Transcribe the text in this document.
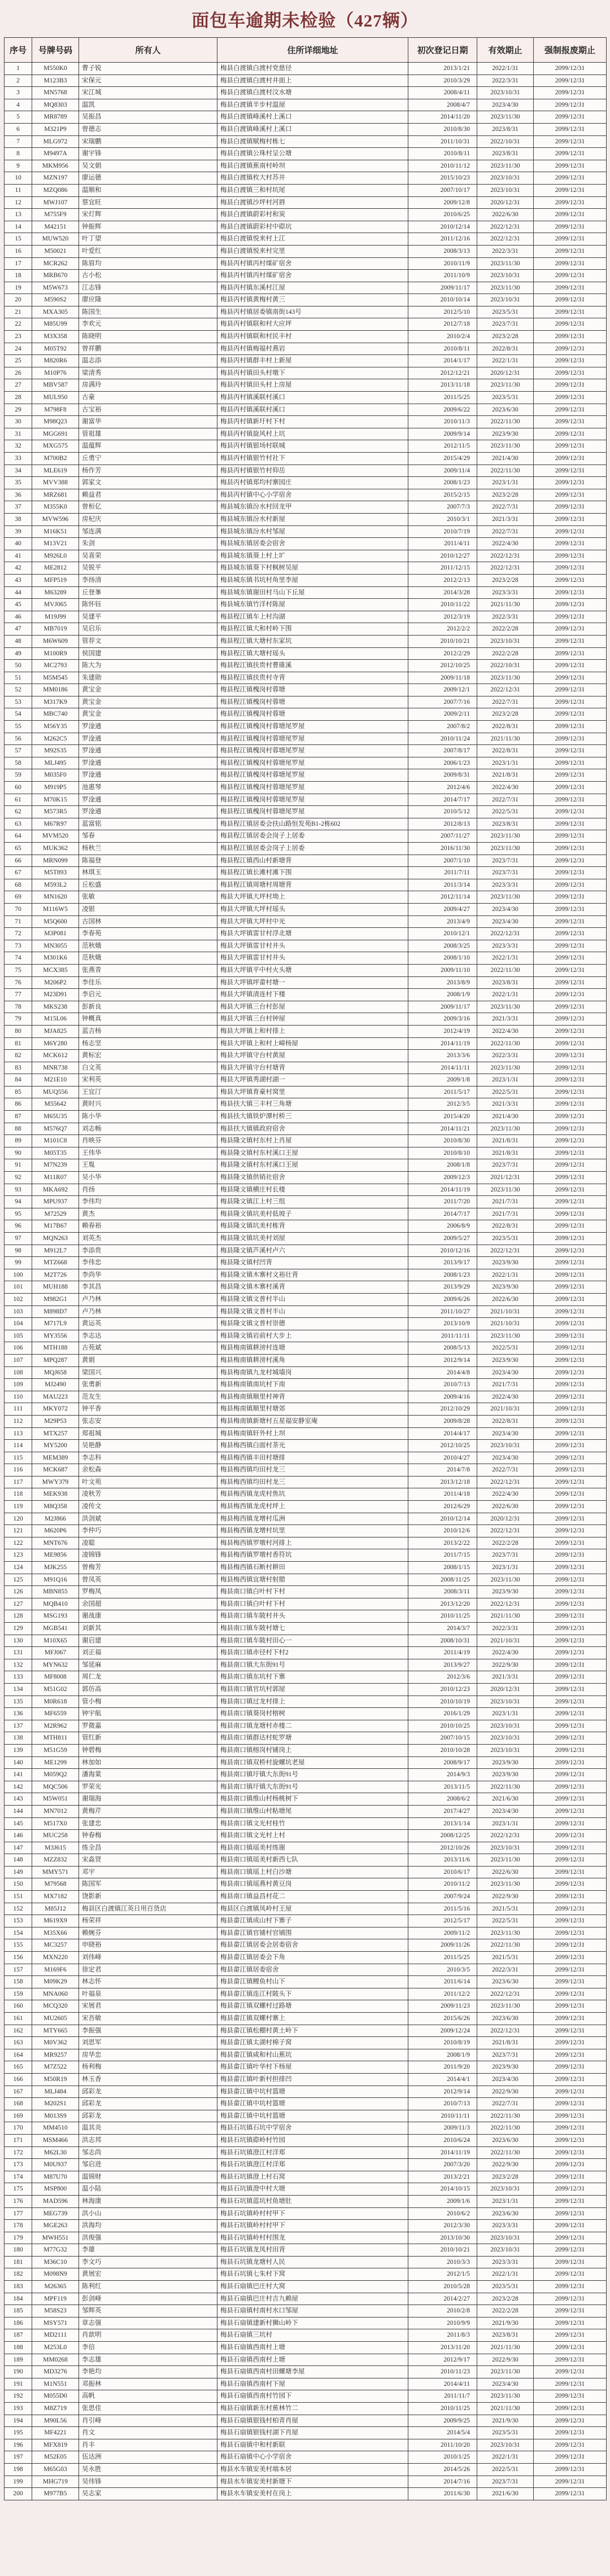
面包车逾期未检验（427辆）
序号	号牌号码	所有人	住所详细地址	初次登记日期	有效期止	强制报废期止
1	M550K0	曹子锐	梅县白渡镇白渡村党慈径	2013/1/21	2022/1/31	2099/12/31
2	M123B3	宋保元	梅县白渡镇白渡村井面上	2010/3/29	2022/3/31	2099/12/31
3	MN5768	宋江城	梅县白渡镇白渡村汶水塘	2008/4/11	2023/10/31	2099/12/31
4	MQ8303	温凯	梅县白渡镇半步村温屋	2008/4/7	2023/4/30	2099/12/31
5	MR8789	吴振昌	梅县白渡镇峰溪村上溪口	2014/11/20	2023/11/30	2099/12/31
6	M321P9	曾德志	梅县白渡镇峰溪村上溪口	2010/8/30	2023/8/31	2099/12/31
7	MLG972	宋瑞鹏	梅县白渡镇赋梅村栋七	2011/10/31	2022/10/31	2099/12/31
8	M9497A	谢宇锋	梅县白渡镇公珠村呈公塘	2010/8/11	2023/8/31	2099/12/31
9	MKM956	吴文娟	梅县白渡镇蕉南村岭坝	2010/11/12	2023/11/30	2099/12/31
10	MZN197	廖运德	梅县白渡镇枚大村苏井	2015/10/23	2023/10/31	2099/12/31
11	MZQ086	温顺和	梅县白渡镇三和村坑尾	2007/10/17	2023/10/31	2099/12/31
12	MWJ107	蔡宜旺	梅县白渡镇沙坪村河唇	2009/12/8	2020/12/31	2099/12/31
13	M755F9	宋灯辉	梅县白渡镇蔚彩村和炭	2010/6/25	2022/6/30	2099/12/31
14	M42151	钟振辉	梅县白渡镇蔚彩村中磜坑	2010/12/14	2022/12/31	2099/12/31
15	MUW520	叶丁望	梅县白渡镇悦来村上江	2011/12/16	2022/12/31	2099/12/31
16	M50021	叶爱红	梅县白渡镇悦来村完里	2008/3/13	2022/3/31	2099/12/31
17	MCR262	陈眉均	梅县丙村镇丙村煤矿宿舍	2010/11/9	2023/11/30	2099/12/31
18	MRB670	古小松	梅县丙村镇丙村煤矿宿舍	2011/10/9	2023/10/31	2099/12/31
19	M5W673	江志锋	梅县丙村镇东溪村江屋	2009/11/17	2023/11/30	2099/12/31
20	M590S2	廖应隆	梅县丙村镇黄梅村黄三	2010/10/14	2023/10/31	2099/12/31
21	MXA305	陈国生	梅县丙村镇居委镇南街143号	2012/5/10	2023/5/31	2099/12/31
22	M85U99	李欢元	梅县丙村镇联和村大应坪	2012/7/18	2023/7/31	2099/12/31
23	M3X358	陈晓明	梅县丙村镇联和村民丰村	2010/2/4	2023/2/28	2099/12/31
24	M05T92	曾祥鹏	梅县丙村镇梅福村燕岩	2010/8/11	2022/8/31	2099/12/31
25	M820R6	温志添	梅县丙村镇群丰村上新屋	2014/1/17	2022/1/31	2099/12/31
26	M10P76	梁清秀	梅县丙村镇田头村墩下	2012/12/21	2020/12/31	2099/12/31
27	MBV587	房满玲	梅县丙村镇田头村上房屋	2013/11/18	2023/11/30	2099/12/31
28	MUL950	古豪	梅县丙村镇溪联村溪口	2011/5/25	2023/5/31	2099/12/31
29	M798F8	古宝裕	梅县丙村镇溪联村溪口	2009/6/22	2023/6/30	2099/12/31
30	M98Q23	谢富华	梅县丙村镇新圩村下村	2010/11/3	2022/11/30	2099/12/31
31	MGG691	管祖雄	梅县丙村镇旋风村上坑	2009/9/14	2023/9/30	2099/12/31
32	MXG575	温蕴辉	梅县丙村镇银场村联城	2012/11/5	2023/11/30	2099/12/31
33	M700B2	丘勇宁	梅县丙村镇银竹村社下	2015/4/29	2021/4/30	2099/12/31
34	MLE619	杨作芳	梅县丙村镇银竹村仰岳	2009/11/4	2022/11/30	2099/12/31
35	MVV388	郭家文	梅县丙村镇郑均村寨园庄	2008/1/23	2023/1/31	2099/12/31
36	MRZ681	赖益君	梅县丙村镇中心小学宿舍	2015/2/15	2023/2/28	2099/12/31
37	M355K0	曾桓亿	梅县城东镇汾水村回龙甲	2007/7/3	2022/7/31	2099/12/31
38	MVW596	房杞庆	梅县城东镇汾水村新屋	2010/3/1	2021/3/31	2099/12/31
39	M16K51	邹连满	梅县城东镇汾水村邹屋	2010/7/19	2022/7/31	2099/12/31
40	M13V21	朱剑	梅县城东镇居委会宿舍	2011/4/11	2022/4/30	2099/12/31
41	M926L0	吴喜荣	梅县城东镇葵上村上圹	2010/12/27	2022/12/31	2099/12/31
42	ME2812	吴锐平	梅县城东镇葵下村枫树吴屋	2011/12/15	2022/12/31	2099/12/31
43	MFP519	李扬清	梅县城东镇书坑村角里李屋	2012/2/13	2023/2/28	2099/12/31
44	M63289	丘登峯	梅县城东镇谢田村马山下丘屋	2014/3/28	2023/3/31	2099/12/31
45	MVJ065	陈怀钰	梅县城东镇竹洋村陈屋	2010/11/22	2021/11/30	2099/12/31
46	M19J99	吴建平	梅县程江镇车上村沟湖	2012/3/19	2022/3/31	2099/12/31
47	MB7019	吴启乐	梅县程江镇大和村岭下围	2012/2/2	2022/2/28	2099/12/31
48	M6W609	管荐文	梅县程江镇大塘村东家坑	2010/10/21	2023/10/31	2099/12/31
49	M100R9	侯国建	梅县程江镇大塘村瑶头	2012/2/29	2022/2/28	2099/12/31
50	MC2793	陈大为	梅县程江镇扶贵村曹碓溪	2012/10/25	2022/10/31	2099/12/31
51	M5M545	朱建勋	梅县程江镇扶贵村寺背	2009/11/18	2023/11/30	2099/12/31
52	MM0186	黄宝金	梅县程江镇槐岗村蓉塘	2009/12/1	2022/12/31	2099/12/31
53	M317K9	黄宝金	梅县程江镇槐岗村蓉塘	2007/7/16	2022/7/31	2099/12/31
54	MBC740	黄宝金	梅县程江镇槐岗村蓉塘	2009/2/11	2023/2/28	2099/12/31
55	M56Y35	罗淦通	梅县程江镇槐岗村蓉塘尾罗屋	2007/8/2	2022/8/31	2099/12/31
56	M262C5	罗淦通	梅县程江镇槐岗村蓉塘尾罗屋	2010/11/24	2021/11/30	2099/12/31
57	M92S35	罗淦通	梅县程江镇槐岗村蓉塘尾罗屋	2007/8/17	2022/8/31	2099/12/31
58	MLJ495	罗淦通	梅县程江镇槐岗村蓉塘尾罗屋	2006/1/23	2023/1/31	2099/12/31
59	M035F0	罗淦通	梅县程江镇槐岗村蓉塘尾罗屋	2009/8/31	2021/8/31	2099/12/31
60	M919P5	池惠琴	梅县程江镇槐岗村蓉塘尾罗屋	2012/4/6	2022/4/30	2099/12/31
61	M70K15	罗淦通	梅县程江镇槐岗村蓉塘尾罗屋	2014/7/17	2022/7/31	2099/12/31
62	M573R5	罗淦通	梅县程江镇槐岗村蓉塘尾罗屋	2010/5/12	2022/5/31	2099/12/31
63	M67R97	蓝富铭	梅县程江镇居委会扶山路恒发苑B1-2栋602	2012/8/13	2023/8/31	2099/12/31
64	MVM520	邹春	梅县程江镇居委会岗子上居委	2007/11/27	2023/11/30	2099/12/31
65	MUK362	杨秋兰	梅县程江镇居委会岗子上居委	2016/11/30	2023/11/30	2099/12/31
66	MRN099	陈福登	梅县程江镇西山村新塘背	2007/1/10	2023/7/31	2099/12/31
67	M5T893	林琪玉	梅县程江镇长滩村滩下围	2011/7/11	2023/7/31	2099/12/31
68	M593L2	丘松盛	梅县程江镇周塘村周塘背	2011/3/14	2023/3/31	2099/12/31
69	MN1620	张敏	梅县大坪镇大坪村坳上	2012/11/14	2023/11/30	2099/12/31
70	M116W5	凌银	梅县大坪镇大坪村瑶头	2009/4/27	2023/4/30	2099/12/31
71	M5Q600	古国林	梅县大坪镇大坪村中光	2013/4/9	2023/4/30	2099/12/31
72	M3P081	李春苑	梅县大坪镇雷甘村浮北塘	2010/12/1	2022/12/31	2099/12/31
73	MN3055	范秋娥	梅县大坪镇雷甘村井头	2008/3/25	2023/3/31	2099/12/31
74	M301K6	范秋娥	梅县大坪镇雷甘村井头	2008/1/10	2022/1/31	2099/12/31
75	MCX385	张燕青	梅县大坪镇平中村火头塘	2009/11/10	2022/11/30	2099/12/31
76	M206P2	李佳乐	梅县大坪镇坪畲村塘一	2013/8/9	2023/8/31	2099/12/31
77	M23D91	李启元	梅县大坪镇清连村下楼	2008/1/9	2022/1/31	2099/12/31
78	MKS238	彭新良	梅县大坪镇三台村彭屋	2009/11/17	2023/11/30	2099/12/31
79	M15L06	钟概真	梅县大坪镇三台村钟屋	2009/3/16	2021/3/31	2099/12/31
80	MJA825	蓝吉杨	梅县大坪镇上和村排上	2012/4/19	2022/4/30	2099/12/31
81	M6Y280	杨志坚	梅县大坪镇上和村上嶂杨屋	2014/11/19	2022/11/30	2099/12/31
82	MCK612	黄标宏	梅县大坪镇守台村黄屋	2013/3/6	2022/3/31	2099/12/31
83	MNR738	白文英	梅县大坪镇守台村塘背	2014/11/11	2023/11/30	2099/12/31
84	M21E10	宋利英	梅县大坪镇秀湖村湖一	2009/1/8	2023/1/31	2099/12/31
85	MUQ556	王宜汀	梅县大坪镇育豪村窝里	2011/5/17	2022/5/31	2099/12/31
86	M55642	黄时兴	梅县扶大镇三丰村三角塘	2012/3/5	2021/3/31	2099/12/31
87	M65U35	陈小华	梅县扶大镇铁炉潭村桥三	2015/4/20	2021/4/30	2099/12/31
88	M576Q7	刘志畅	梅县扶大镇镇政府宿舍	2014/11/21	2023/11/30	2099/12/31
89	M101C8	肖映芬	梅县隆文镇村东村上肖屋	2010/8/30	2021/8/31	2099/12/31
90	M05T35	王伟华	梅县隆文镇村东村溪口王屋	2010/8/10	2021/8/31	2099/12/31
91	M7N239	王胤	梅县隆文镇村东村溪口王屋	2008/1/8	2023/7/31	2099/12/31
92	M11R07	吴小华	梅县隆文镇供销社宿舍	2009/12/3	2021/12/31	2099/12/31
93	MKA692	肖扬	梅县隆文镇横庄村长楼	2014/11/19	2023/11/30	2099/12/31
94	MPU937	李伟均	梅县隆文镇江上村三组	2011/7/20	2021/7/31	2099/12/31
95	M72529	黄杰	梅县隆文镇坑美村低坡子	2014/7/17	2021/7/31	2099/12/31
96	M17B67	赖春裕	梅县隆文镇坑美村栋背	2006/8/9	2022/8/31	2099/12/31
97	MQN263	刘英杰	梅县隆文镇坑美村刘屋	2009/5/27	2023/5/31	2099/12/31
98	M912L7	李添贵	梅县隆文镇芦溪村卢六	2010/12/16	2022/12/31	2099/12/31
99	MTZ668	李伟忠	梅县隆文镇村凹背	2013/9/17	2023/9/30	2099/12/31
100	M2T726	李尚华	梅县隆文镇木寨村文裕壮背	2008/1/23	2022/1/31	2099/12/31
101	MUH188	李其昌	梅县隆文镇木寨村溪背	2013/9/29	2023/9/30	2099/12/31
102	M982G1	卢乃林	梅县隆文镇文普村半山	2009/6/26	2022/6/30	2099/12/31
103	M898D7	卢乃林	梅县隆文镇文普村半山	2011/10/27	2021/10/31	2099/12/31
104	M717L9	黄运英	梅县隆文镇文普村崇德	2013/10/9	2021/10/31	2099/12/31
105	MY3556	李志达	梅县隆文镇岩前村大步上	2011/11/11	2023/11/30	2099/12/31
106	MTH188	古苑斌	梅县梅南镇耕滂村连塘	2008/5/13	2022/5/31	2099/12/31
107	MPQ287	黄娟	梅县梅南镇耕滂村溪角	2012/9/14	2023/9/30	2099/12/31
108	MQJ658	梁国兴	梅县梅南镇九龙村城墙岗	2014/4/8	2023/4/30	2099/12/31
109	MJ2490	张勇新	梅县梅南镇南坑村下南	2010/7/13	2021/7/31	2099/12/31
110	MAU223	范友生	梅县梅南镇顺里村神背	2009/4/16	2022/4/30	2099/12/31
111	MKY072	钟平香	梅县梅南镇顺里村塘郊	2012/10/29	2021/10/31	2099/12/31
112	M29P53	张志安	梅县梅南镇新塘村五星福安静室庵	2009/8/28	2022/8/31	2099/12/31
113	MTX257	郑祖城	梅县梅南镇轩外村上坝	2014/4/17	2023/4/30	2099/12/31
114	MY5200	吴艳静	梅县梅西镇白面村茶光	2012/10/25	2023/10/31	2099/12/31
115	MEM389	李志科	梅县梅西镇丰田村塘排	2010/4/27	2023/4/30	2099/12/31
116	MCK687	余松森	梅县梅西镇均田村龙三	2014/7/8	2022/7/31	2099/12/31
117	MWY379	叶文苑	梅县梅西镇均田村龙三	2013/12/18	2022/12/31	2099/12/31
118	MEK938	凌秋芳	梅县梅西镇龙虎村焦坑	2011/4/18	2022/4/30	2099/12/31
119	M8Q358	凌传文	梅县梅西镇龙虎村坪上	2012/6/29	2022/6/30	2099/12/31
120	M2J866	洪剑斌	梅县梅西镇龙增村瓜洲	2010/12/14	2020/12/31	2099/12/31
121	M620P6	李仲巧	梅县梅西镇龙增村坑里	2010/12/6	2022/12/31	2099/12/31
122	MNT676	凌聪	梅县梅西镇罗墩村河排上	2013/2/22	2022/2/28	2099/12/31
123	ME9856	凌锦锋	梅县梅西镇罗墩村香符坑	2011/7/15	2023/7/31	2099/12/31
124	MJK255	曾梅芳	梅县梅西镇石断村耕田	2008/1/15	2023/1/31	2099/12/31
125	M91Q16	曾凤英	梅县梅西镇宜塘村射腊	2008/11/25	2023/11/30	2099/12/31
126	MBN855	罗梅凤	梅县南口镇白叶村下村	2008/3/11	2023/9/30	2099/12/31
127	MQB410	余国超	梅县南口镇白叶村下村	2013/12/20	2022/12/31	2099/12/31
128	MSG193	谢战康	梅县南口镇车陂村井头	2010/11/25	2021/11/30	2099/12/31
129	MGB541	刘新其	梅县南口镇车陂村塘七	2014/3/7	2022/3/31	2099/12/31
130	M10X65	谢启建	梅县南口镇车陂村田心一	2008/10/31	2021/10/31	2099/12/31
131	MFJ067	刘正福	梅县南口镇赤径村下村2	2011/4/19	2022/4/30	2099/12/31
132	MYN632	邹延麻	梅县南口镇大东街91号	2013/9/27	2022/9/30	2099/12/31
133	MF8008	周仁龙	梅县南口镇东坑村下寨	2012/3/6	2021/3/31	2099/12/31
134	M51G02	郭仿高	梅县南口镇官坑村郭屋	2010/12/23	2020/12/31	2099/12/31
135	M0R618	管小梅	梅县南口镇过龙村排上	2010/10/19	2023/10/31	2099/12/31
136	MF6559	钟宇航	梅县南口镇葵岗村榕树	2016/1/29	2023/1/31	2099/12/31
137	M2R962	罗微嘉	梅县南口镇龙塘村赤楼二	2010/10/25	2023/10/31	2099/12/31
138	MTH811	管红新	梅县南口镇群达村蛇罗塘	2007/10/15	2023/10/31	2099/12/31
139	M51G59	钟碧梅	梅县南口镇榕岗村铺岗上	2010/10/28	2023/10/31	2099/12/31
140	ME1299	林加如	梅县南口镇双桥村旋螺坑老屋	2008/9/17	2023/9/30	2099/12/31
141	M059Q2	潘海棠	梅县南口镇圩镇大东街91号	2014/9/3	2023/9/30	2099/12/31
142	MQC506	罗荣光	梅县南口镇圩镇大东街91号	2013/11/5	2022/11/30	2099/12/31
143	M5W051	谢瑞海	梅县南口镇维山村杨桃树下	2008/6/2	2021/6/30	2099/12/31
144	MN7012	黄梅芹	梅县南口镇维山村粘塘尾	2017/4/27	2023/4/30	2099/12/31
145	M517X0	张建忠	梅县南口镇文光村桂竹	2013/1/14	2023/1/31	2099/12/31
146	MUC258	钟春梅	梅县南口镇文光村上村	2008/12/25	2022/12/31	2099/12/31
147	M3J615	练全昌	梅县南口镇瑶美村练谢	2012/10/26	2023/10/31	2099/12/31
148	MZZ832	宋淼贤	梅县南口镇瑶美村新西七队	2013/11/6	2023/11/30	2099/12/31
149	MMY571	邓宇	梅县南口镇瑶上村白沙塘	2010/6/17	2022/6/30	2099/12/31
150	M79568	陈国军	梅县南口镇瑶燕村黄豆岗	2010/11/2	2023/11/30	2099/12/31
151	MX7182	饶影新	梅县南口镇益昌村花二	2007/9/24	2022/9/30	2099/12/31
152	M85J12	梅县区白渡镇江英日用百货店	梅县区白渡镇凤岭村王屋	2011/5/16	2021/5/31	2099/12/31
153	M619X9	杨荣祥	梅县畲江镇成山村下寨子	2012/5/17	2022/5/31	2099/12/31
154	M35X66	赖婉芬	梅县畲江镇官铺村官铺围	2009/11/2	2023/11/30	2099/12/31
155	MC3257	申晓裕	梅县畲江镇居委会居委宿舍	2009/11/26	2022/11/30	2099/12/31
156	MXN220	刘伟峰	梅县畲江镇居委会下角	2011/5/25	2021/5/31	2099/12/31
157	M169F6	徐定君	梅县畲江镇居委宿舍	2010/3/5	2022/3/31	2099/12/31
158	M09K29	林志怀	梅县畲江镇鲤鱼村山下	2011/6/14	2023/6/30	2099/12/31
159	MNA060	叶福泉	梅县畲江镇连江村陂头下	2011/12/2	2022/12/31	2099/12/31
160	MCQ320	宋展君	梅县畲江镇双螺村过路塘	2009/11/23	2023/11/30	2099/12/31
161	MU2605	宋吾敏	梅县畲江镇双螺村寨上	2015/6/26	2023/6/30	2099/12/31
162	MTY665	李振强	梅县畲江镇松棚村黄土岭下	2009/12/24	2022/12/31	2099/12/31
163	M0V362	刘思军	梅县畲江镇太湖村棉子窝	2010/8/19	2021/8/31	2099/12/31
164	MR9257	房华忠	梅县畲江镇咸和村山蕉坑	2008/1/9	2023/7/31	2099/12/31
165	M7Z522	杨利梅	梅县畲江镇叶华村下杨屋	2011/9/20	2023/9/30	2099/12/31
166	M50R19	林玉香	梅县畲江镇叶新村担排凹	2014/4/1	2023/4/30	2099/12/31
167	MLJ484	邱彩龙	梅县畲江镇中坑村篮塘	2012/9/14	2022/9/30	2099/12/31
168	M202S1	邱彩龙	梅县畲江镇中坑村篮塘	2010/7/13	2022/7/31	2099/12/31
169	M013S9	邱彩龙	梅县畲江镇中坑村篮塘	2010/11/11	2022/11/30	2099/12/31
170	MM4510	温其炎	梅县石坑镇石坑中学宿舍	2009/11/3	2022/11/30	2099/12/31
171	MSM466	洪志邦	梅县石坑镇磜岭村竹园	2010/6/24	2023/6/30	2099/12/31
172	M62L30	邹志尚	梅县石坑镇澄江村洋郑	2014/11/19	2022/11/30	2099/12/31
173	M0U937	邹启进	梅县石坑镇澄江村洋郑	2007/3/20	2022/9/30	2099/12/31
174	M87U70	温锦财	梅县石坑镇澄上村石窝	2013/2/21	2023/2/28	2099/12/31
175	MSP800	温小陆	梅县石坑镇澄中村大塘	2014/10/15	2023/10/31	2099/12/31
176	MAD596	林海康	梅县石坑镇蓝坑村鱼塘肚	2009/1/6	2023/1/31	2099/12/31
177	MEG739	洪小山	梅县石坑镇岭村村甲下	2010/6/2	2023/6/30	2099/12/31
178	MGE263	洪海均	梅县石坑镇岭村村甲下	2012/3/30	2023/3/31	2099/12/31
179	MWH551	洪俊强	梅县石坑镇岭村村围龙	2013/10/30	2023/10/31	2099/12/31
180	M77G32	李雄	梅县石坑镇龙凤村田背	2010/10/21	2023/10/31	2099/12/31
181	M36C10	李文巧	梅县石坑镇龙塘村人民	2010/3/3	2023/3/31	2099/12/31
182	M098N9	黄展宏	梅县石坑镇七朱村下窝	2012/1/5	2022/1/31	2099/12/31
183	M26365	陈利红	梅县石扇镇巴庄村大窝	2010/5/28	2023/5/31	2099/12/31
184	MPF119	彭剑峰	梅县石扇镇巴庄村吉九赖屋	2014/2/27	2023/2/28	2099/12/31
185	M58S23	邹辉英	梅县石扇镇村南村水口邹屋	2010/2/8	2022/2/28	2099/12/31
186	MSY571	章志强	梅县石扇镇建新村狮山岭下	2010/9/9	2021/9/30	2099/12/31
187	MD2111	肖歆明	梅县石扇镇三坑村	2011/8/3	2023/8/31	2099/12/31
188	M253L0	李信	梅县石扇镇西南村上塘	2013/11/20	2021/11/30	2099/12/31
189	MM0268	李志雄	梅县石扇镇西南村上塘	2012/9/17	2022/9/30	2099/12/31
190	MD3276	李艳均	梅县石扇镇西南村田螺塘李屋	2010/11/23	2023/11/30	2099/12/31
191	M1N551	邓振林	梅县石扇镇西南村下屋	2014/4/11	2023/4/30	2099/12/31
192	M055D0	高帆	梅县石扇镇西南村竹园下	2011/11/7	2023/11/30	2099/12/31
193	M8Z719	张思佳	梅县石扇镇新东村蕉林竹二	2010/11/25	2021/11/30	2099/12/31
194	M90L56	肖引峰	梅县石扇镇银钱村柏青肖屋	2009/9/25	2021/9/30	2099/12/31
195	MF4221	肖文	梅县石扇镇银钱村湖下肖屋	2014/5/4	2023/5/31	2099/12/31
196	MFX819	肖丰	梅县石扇镇中和村新联	2011/10/20	2023/10/31	2099/12/31
197	M52E05	伍达洲	梅县石扇镇中心小学宿舍	2010/1/25	2022/1/31	2099/12/31
198	M65G03	吴永胜	梅县水车镇安美村端本居	2014/5/26	2022/5/31	2099/12/31
199	MHG719	吴伟锋	梅县水车镇安美村新塘下	2014/7/16	2023/7/31	2099/12/31
200	M977B5	吴志家	梅县水车镇安美村在岗上	2011/6/30	2021/6/30	2099/12/31
